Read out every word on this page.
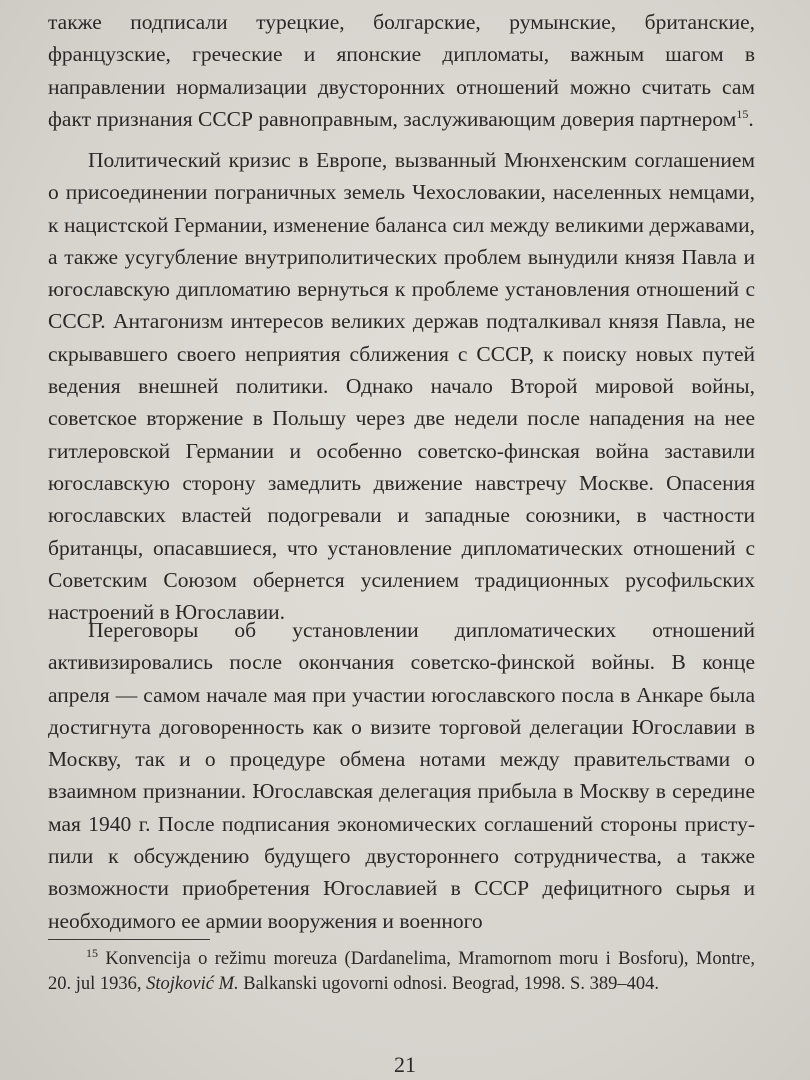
также подписали турецкие, болгарские, румынские, британские, французские, греческие и японские дипломаты, важным шагом в направлении нормализации двусторонних отношений можно считать сам факт признания СССР равноправным, заслуживающим доверия партнером$^{15}$.

Политический кризис в Европе, вызванный Мюнхенским соглашением о присоединении пограничных земель Чехословакии, населенных немцами, к нацистской Германии, изменение баланса сил между великими державами, а также усугубление внутриполитических проблем вынудили князя Павла и югославскую дипломатию вернуться к проблеме установления отношений с СССР. Антагонизм интересов великих держав подталкивал князя Павла, не скрывавшего своего неприятия сближения с СССР, к поиску новых путей ведения внешней политики. Однако начало Второй мировой войны, советское вторжение в Польшу через две недели после нападения на нее гитлеровской Германии и особенно советско-финская война заставили югославскую сторону замедлить движение навстречу Москве. Опасения югославских властей подогревали и западные союзники, в частности британцы, опасавшиеся, что установление дипломатических отношений с Советским Союзом обернется усилением традиционных русофильских настроений в Югославии.

Переговоры об установлении дипломатических отношений активизировались после окончания советско-финской войны. В конце апреля — самом начале мая при участии югославского посла в Анкаре была достигнута договоренность как о визите торговой делегации Югославии в Москву, так и о процедуре обмена нотами между правительствами о взаимном признании. Югославская делегация прибыла в Москву в середине мая 1940 г. После подписания экономических соглашений стороны приступили к обсуждению будущего двустороннего сотрудничества, а также возможности приобретения Югославией в СССР дефицитного сырья и необходимого ее армии вооружения и военного

$^{15}$ Konvencija o režimu moreuza (Dardanelima, Mramornom moru i Bosforu), Montre, 20. jul 1936, Stojković M. Balkanski ugovorni odnosi. Beograd, 1998. S. 389–404.

21
